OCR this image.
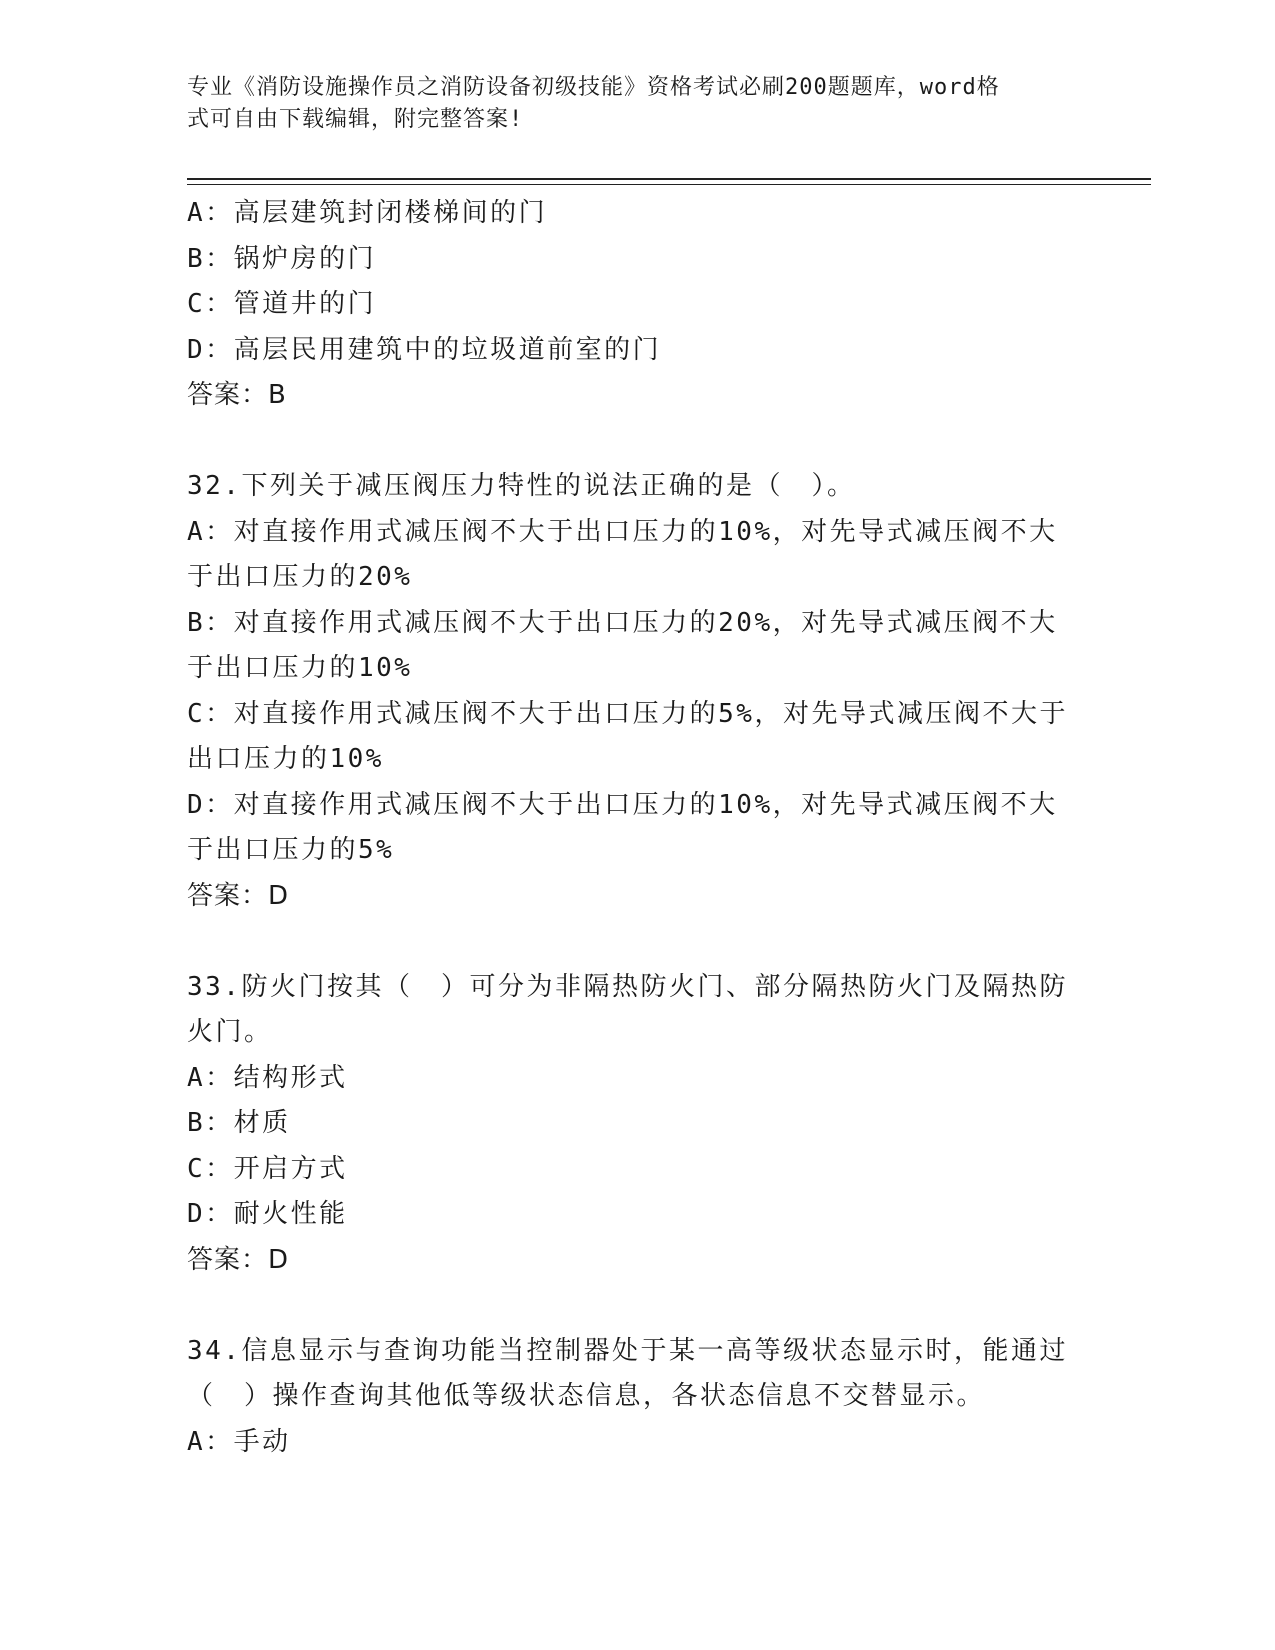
专业《消防设施操作员之消防设备初级技能》资格考试必刷200题题库，word格
式可自由下载编辑，附完整答案!

A：高层建筑封闭楼梯间的门

B：锅炉房的门

C：管道井的门

D：高层民用建筑中的垃圾道前室的门

答案：B

32.下列关于减压阀压力特性的说法正确的是（　）。

A：对直接作用式减压阀不大于出口压力的10%，对先导式减压阀不大

于出口压力的20%

B：对直接作用式减压阀不大于出口压力的20%，对先导式减压阀不大

于出口压力的10%

C：对直接作用式减压阀不大于出口压力的5%，对先导式减压阀不大于

出口压力的10%

D：对直接作用式减压阀不大于出口压力的10%，对先导式减压阀不大

于出口压力的5%

答案：D

33.防火门按其（　）可分为非隔热防火门、部分隔热防火门及隔热防

火门。

A：结构形式

B：材质

C：开启方式

D：耐火性能

答案：D

34.信息显示与查询功能当控制器处于某一高等级状态显示时，能通过

（　）操作查询其他低等级状态信息，各状态信息不交替显示。

A：手动
